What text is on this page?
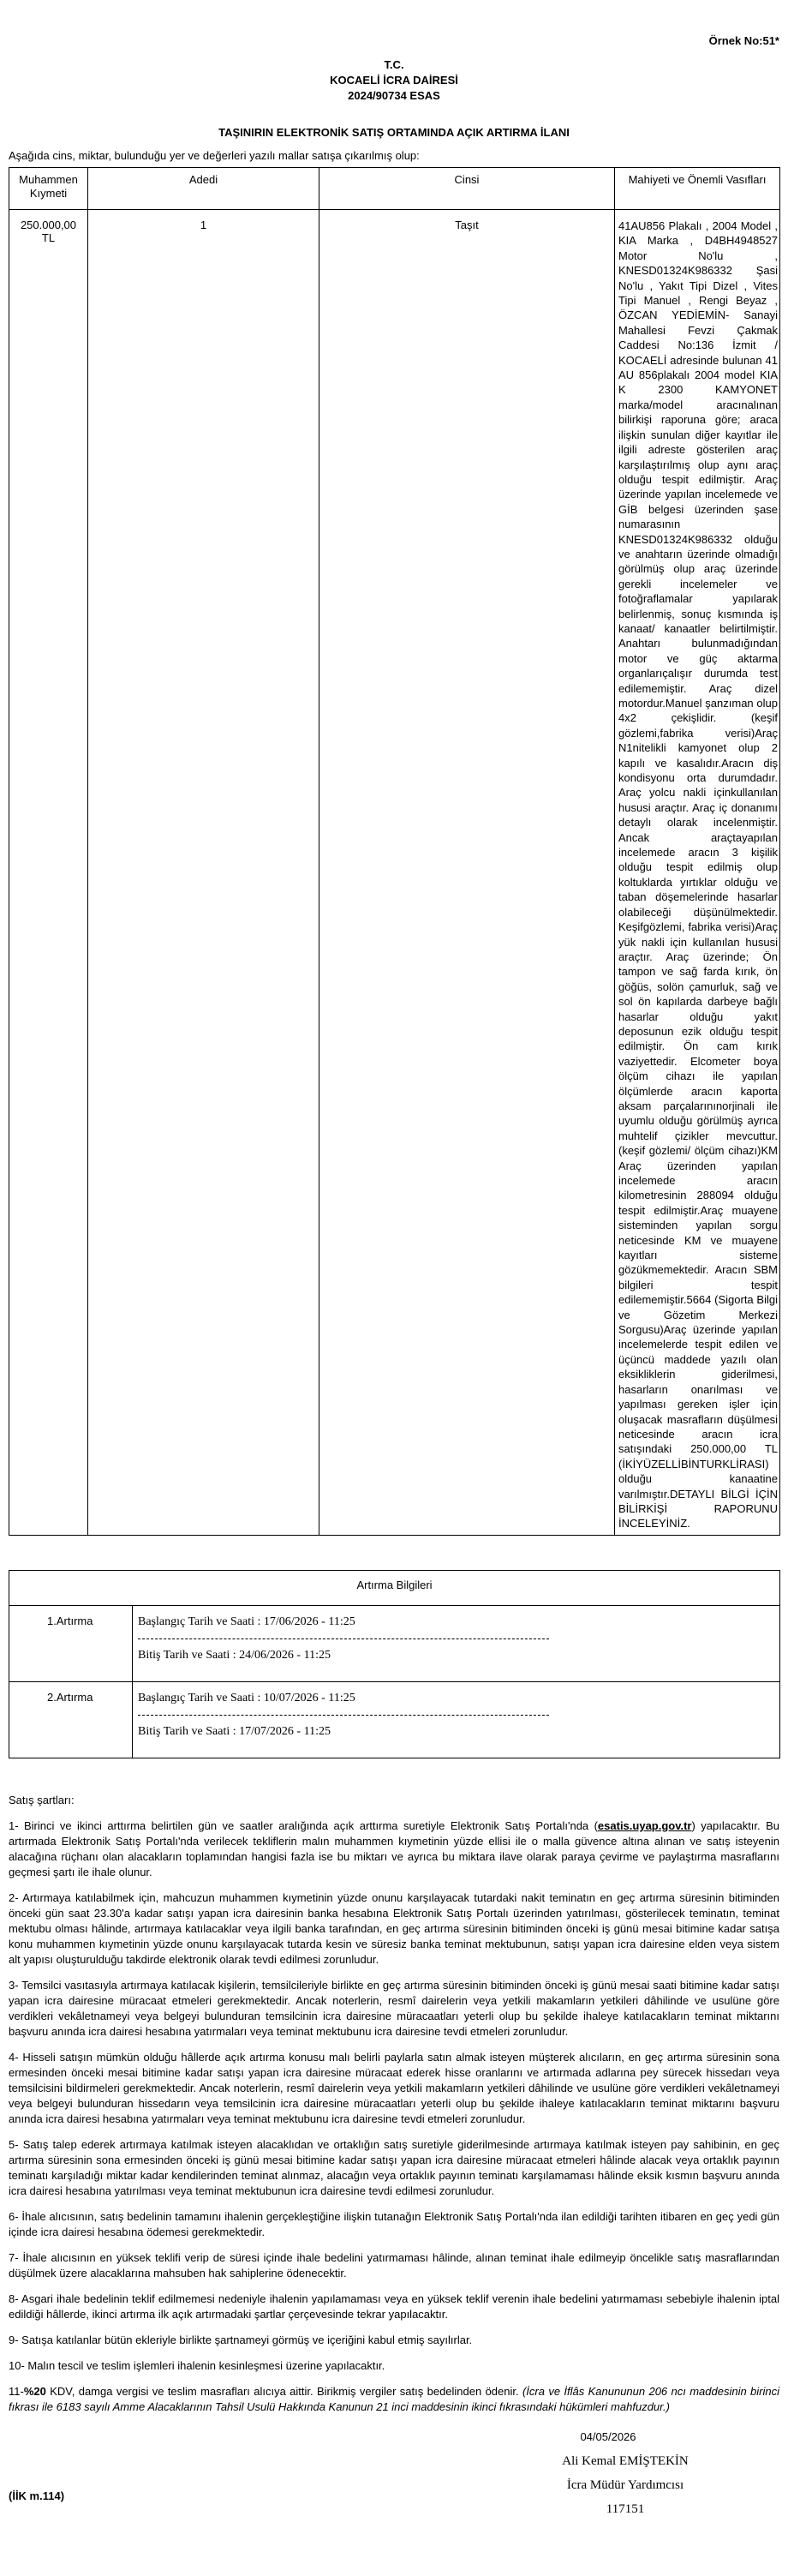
Örnek No:51*
T.C.
KOCAELİ İCRA DAİRESİ
2024/90734 ESAS
TAŞINIRIN ELEKTRONİK SATIŞ ORTAMINDA AÇIK ARTIRMA İLANI
Aşağıda cins, miktar, bulunduğu yer ve değerleri yazılı mallar satışa çıkarılmış olup:
Muhammen Kıymeti	Adedi	Cinsi	Mahiyeti ve Önemli Vasıfları
250.000,00 TL	1	Taşıt	41AU856 Plakalı , 2004 Model , KIA Marka , D4BH4948527 Motor No'lu , KNESD01324K986332 Şasi No'lu , Yakıt Tipi Dizel , Vites Tipi Manuel , Rengi Beyaz , ÖZCAN YEDİEMİN- Sanayi Mahallesi Fevzi Çakmak Caddesi No:136 İzmit / KOCAELİ adresinde bulunan 41 AU 856plakalı 2004 model KIA K 2300 KAMYONET marka/model aracınalınan bilirkişi raporuna göre; araca ilişkin sunulan diğer kayıtlar ile ilgili adreste gösterilen araç karşılaştırılmış olup aynı araç olduğu tespit edilmiştir. Araç üzerinde yapılan incelemede ve GİB belgesi üzerinden şase numarasının KNESD01324K986332 olduğu ve anahtarın üzerinde olmadığı görülmüş olup araç üzerinde gerekli incelemeler ve fotoğraflamalar yapılarak belirlenmiş, sonuç kısmında iş kanaat/ kanaatler belirtilmiştir. Anahtarı bulunmadığından motor ve güç aktarma organlarıçalışır durumda test edilememiştir. Araç dizel motordur.Manuel şanzıman olup 4x2 çekişlidir. (keşif gözlemi,fabrika verisi)Araç N1nitelikli kamyonet olup 2 kapılı ve kasalıdır.Aracın diş kondisyonu orta durumdadır. Araç yolcu nakli içinkullanılan hususi araçtır. Araç iç donanımı detaylı olarak incelenmiştir. Ancak araçtayapılan incelemede aracın 3 kişilik olduğu tespit edilmiş olup koltuklarda yırtıklar olduğu ve taban döşemelerinde hasarlar olabileceği düşünülmektedir. Keşifgözlemi, fabrika verisi)Araç yük nakli için kullanılan hususi araçtır. Araç üzerinde; Ön tampon ve sağ farda kırık, ön göğüs, solön çamurluk, sağ ve sol ön kapılarda darbeye bağlı hasarlar olduğu yakıt deposunun ezik olduğu tespit edilmiştir. Ön cam kırık vaziyettedir. Elcometer boya ölçüm cihazı ile yapılan ölçümlerde aracın kaporta aksam parçalarınınorjinali ile uyumlu olduğu görülmüş ayrıca muhtelif çizikler mevcuttur. (keşif gözlemi/ ölçüm cihazı)KM Araç üzerinden yapılan incelemede aracın kilometresinin 288094 olduğu tespit edilmiştir.Araç muayene sisteminden yapılan sorgu neticesinde KM ve muayene kayıtları sisteme gözükmemektedir. Aracın SBM bilgileri tespit edilememiştir.5664 (Sigorta Bilgi ve Gözetim Merkezi Sorgusu)Araç üzerinde yapılan incelemelerde tespit edilen ve üçüncü maddede yazılı olan eksikliklerin giderilmesi, hasarların onarılması ve yapılması gereken işler için oluşacak masrafların düşülmesi neticesinde aracın icra satışındaki 250.000,00 TL (İKİYÜZELLİBİNTURKLİRASI) olduğu kanaatine varılmıştır.DETAYLI BİLGİ İÇİN BİLİRKİŞİ RAPORUNU İNCELEYİNİZ.
Artırma Bilgileri	
1.Artırma	Başlangıç Tarih ve Saati : 17/06/2026 - 11:25
Bitiş Tarih ve Saati : 24/06/2026 - 11:25

2.Artırma	Başlangıç Tarih ve Saati : 10/07/2026 - 11:25
Bitiş Tarih ve Saati : 17/07/2026 - 11:25

Satış şartları:

1- Birinci ve ikinci arttırma belirtilen gün ve saatler aralığında açık arttırma suretiyle Elektronik Satış Portalı'nda (esatis.uyap.gov.tr) yapılacaktır. Bu artırmada Elektronik Satış Portalı'nda verilecek tekliflerin malın muhammen kıymetinin yüzde ellisi ile o malla güvence altına alınan ve satış isteyenin alacağına rüçhanı olan alacakların toplamından hangisi fazla ise bu miktarı ve ayrıca bu miktara ilave olarak paraya çevirme ve paylaştırma masraflarını geçmesi şartı ile ihale olunur.

2- Artırmaya katılabilmek için, mahcuzun muhammen kıymetinin yüzde onunu karşılayacak tutardaki nakit teminatın en geç artırma süresinin bitiminden önceki gün saat 23.30'a kadar satışı yapan icra dairesinin banka hesabına Elektronik Satış Portalı üzerinden yatırılması, gösterilecek teminatın, teminat mektubu olması hâlinde, artırmaya katılacaklar veya ilgili banka tarafından, en geç artırma süresinin bitiminden önceki iş günü mesai bitimine kadar satışa konu muhammen kıymetinin yüzde onunu karşılayacak tutarda kesin ve süresiz banka teminat mektubunun, satışı yapan icra dairesine elden veya sistem alt yapısı oluşturulduğu takdirde elektronik olarak tevdi edilmesi zorunludur.

3- Temsilci vasıtasıyla artırmaya katılacak kişilerin, temsilcileriyle birlikte en geç artırma süresinin bitiminden önceki iş günü mesai saati bitimine kadar satışı yapan icra dairesine müracaat etmeleri gerekmektedir. Ancak noterlerin, resmî dairelerin veya yetkili makamların yetkileri dâhilinde ve usulüne göre verdikleri vekâletnameyi veya belgeyi bulunduran temsilcinin icra dairesine müracaatları yeterli olup bu şekilde ihaleye katılacakların teminat miktarını başvuru anında icra dairesi hesabına yatırmaları veya teminat mektubunu icra dairesine tevdi etmeleri zorunludur.

4- Hisseli satışın mümkün olduğu hâllerde açık artırma konusu malı belirli paylarla satın almak isteyen müşterek alıcıların, en geç artırma süresinin sona ermesinden önceki mesai bitimine kadar satışı yapan icra dairesine müracaat ederek hisse oranlarını ve artırmada adlarına pey sürecek hissedarı veya temsilcisini bildirmeleri gerekmektedir. Ancak noterlerin, resmî dairelerin veya yetkili makamların yetkileri dâhilinde ve usulüne göre verdikleri vekâletnameyi veya belgeyi bulunduran hissedarın veya temsilcinin icra dairesine müracaatları yeterli olup bu şekilde ihaleye katılacakların teminat miktarını başvuru anında icra dairesi hesabına yatırmaları veya teminat mektubunu icra dairesine tevdi etmeleri zorunludur.

5- Satış talep ederek artırmaya katılmak isteyen alacaklıdan ve ortaklığın satış suretiyle giderilmesinde artırmaya katılmak isteyen pay sahibinin, en geç artırma süresinin sona ermesinden önceki iş günü mesai bitimine kadar satışı yapan icra dairesine müracaat etmeleri hâlinde alacak veya ortaklık payının teminatı karşıladığı miktar kadar kendilerinden teminat alınmaz, alacağın veya ortaklık payının teminatı karşılamaması hâlinde eksik kısmın başvuru anında icra dairesi hesabına yatırılması veya teminat mektubunun icra dairesine tevdi edilmesi zorunludur.

6- İhale alıcısının, satış bedelinin tamamını ihalenin gerçekleştiğine ilişkin tutanağın Elektronik Satış Portalı'nda ilan edildiği tarihten itibaren en geç yedi gün içinde icra dairesi hesabına ödemesi gerekmektedir.

7- İhale alıcısının en yüksek teklifi verip de süresi içinde ihale bedelini yatırmaması hâlinde, alınan teminat ihale edilmeyip öncelikle satış masraflarından düşülmek üzere alacaklarına mahsuben hak sahiplerine ödenecektir.

8- Asgari ihale bedelinin teklif edilmemesi nedeniyle ihalenin yapılamaması veya en yüksek teklif verenin ihale bedelini yatırmaması sebebiyle ihalenin iptal edildiği hâllerde, ikinci artırma ilk açık artırmadaki şartlar çerçevesinde tekrar yapılacaktır.

9- Satışa katılanlar bütün ekleriyle birlikte şartnameyi görmüş ve içeriğini kabul etmiş sayılırlar.

10- Malın tescil ve teslim işlemleri ihalenin kesinleşmesi üzerine yapılacaktır.

11-%20 KDV, damga vergisi ve teslim masrafları alıcıya aittir. Birikmiş vergiler satış bedelinden ödenir. (İcra ve İflâs Kanununun 206 ncı maddesinin birinci fıkrası ile 6183 sayılı Amme Alacaklarının Tahsil Usulü Hakkında Kanunun 21 inci maddesinin ikinci fıkrasındaki hükümleri mahfuzdur.)

04/05/2026
Ali Kemal EMİŞTEKİN
İcra Müdür Yardımcısı
117151
(İİK m.114)
